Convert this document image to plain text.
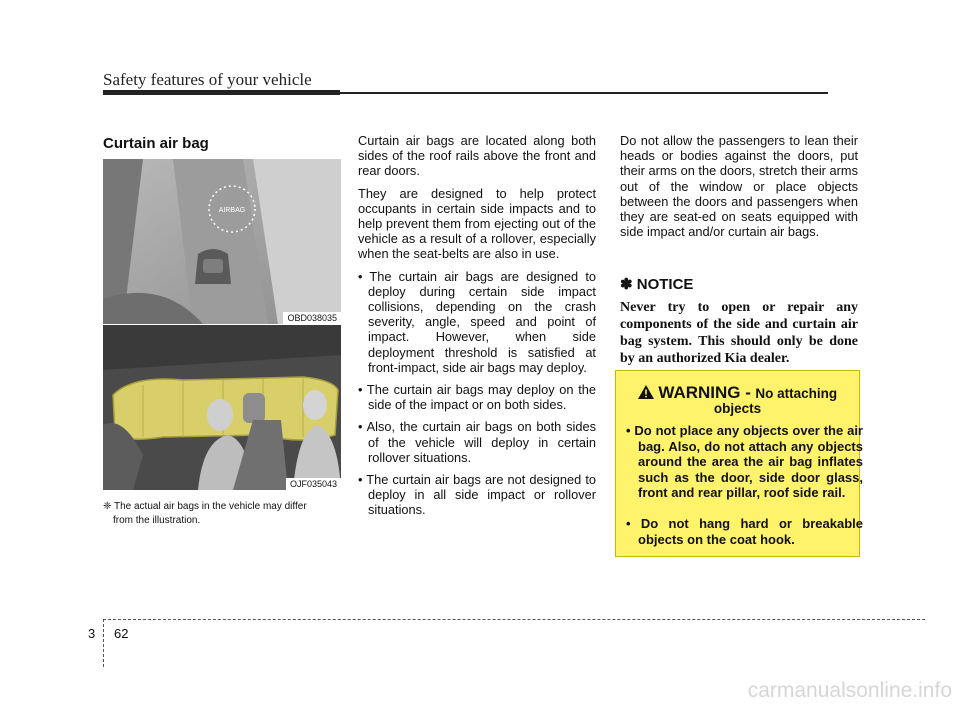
Safety features of your vehicle
Curtain air bag
AIRBAG
OBD038035
OJF035043
❈ The actual air bags in the vehicle may differ
from the illustration.

Curtain air bags are located along both sides of the roof rails above the front and rear doors.

They are designed to help protect occupants in certain side impacts and to help prevent them from ejecting out of the vehicle as a result of a rollover, especially when the seat-belts are also in use.

• The curtain air bags are designed to deploy during certain side impact collisions, depending on the crash severity, angle, speed and point of impact. However, when side deployment threshold is satisfied at front-impact, side air bags may deploy.
• The curtain air bags may deploy on the side of the impact or on both sides.
• Also, the curtain air bags on both sides of the vehicle will deploy in certain rollover situations.
• The curtain air bags are not designed to deploy in all side impact or rollover situations.

Do not allow the passengers to lean their heads or bodies against the doors, put their arms on the doors, stretch their arms out of the window or place objects between the doors and passengers when they are seat-ed on seats equipped with side impact and/or curtain air bags.

✽ NOTICE
Never try to open or repair any components of the side and curtain air bag system. This should only be done by an authorized Kia dealer.
WARNING - No attaching
objects
• Do not place any objects over the air bag. Also, do not attach any objects around the area the air bag inflates such as the door, side door glass, front and rear pillar, roof side rail.
• Do not hang hard or breakable objects on the coat hook.
3 62
carmanualsonline.info
